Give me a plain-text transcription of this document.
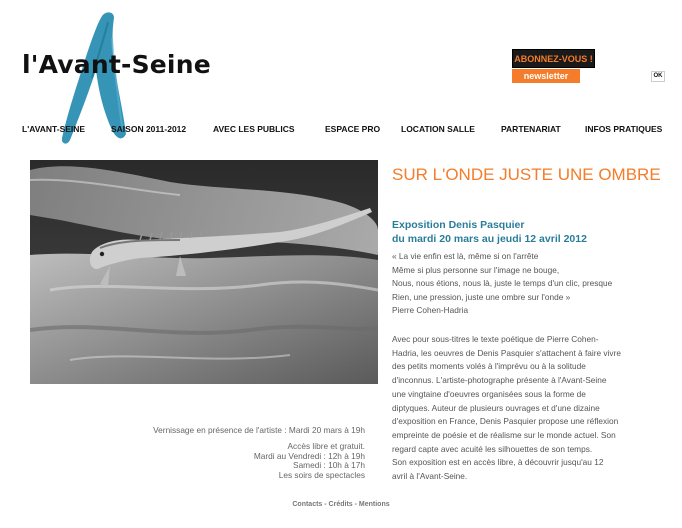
l'Avant-Seine	ABONNEZ-VOUS !
newsletter	OK
L'AVANT-SEINE	SAISON 2011-2012	AVEC LES PUBLICS	ESPACE PRO LOCATION SALLE	PARTENARIAT	INFOS PRATIQUES
SUR L'ONDE JUSTE UNE OMBRE
Exposition Denis Pasquier
du mardi 20 mars au jeudi 12 avril 2012
« La vie enfin est là, même si on l'arrête
Même si plus personne sur l'image ne bouge,
Nous, nous étions, nous là, juste le temps d'un clic, presque
Rien, une pression, juste une ombre sur l'onde »
Pierre Cohen-Hadria
Avec pour sous-titres le texte poétique de Pierre Cohen-
Hadria, les oeuvres de Denis Pasquier s'attachent à faire vivre
des petits moments volés à l'imprévu ou à la solitude
d'inconnus. L'artiste-photographe présente à l'Avant-Seine
une vingtaine d'oeuvres organisées sous la forme de
diptyques. Auteur de plusieurs ouvrages et d'une dizaine
d'exposition en France, Denis Pasquier propose une réflexion
empreinte de poésie et de réalisme sur le monde actuel. Son
regard capte avec acuité les silhouettes de son temps.
Son exposition est en accès libre, à découvrir jusqu'au 12
avril à l'Avant-Seine.
Vernissage en présence de l'artiste : Mardi 20 mars à 19h
Accès libre et gratuit.
Mardi au Vendredi : 12h à 19h
Samedi : 10h à 17h
Les soirs de spectacles
Contacts - Crédits - Mentions
